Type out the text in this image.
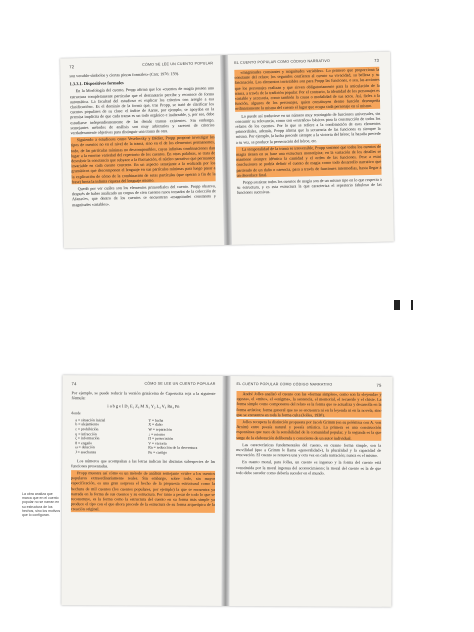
72	CÓMO SE LEE UN CUENTO POPULAR

son vocablo-símbolos y ciertas piezas formales» (Carr, 1976: 159).

1.3.3.1. Dispositivos formales

En la Morfología del cuento, Propp afirma que los «cuentos de magia poseen una estructura completamente particular que el destinatario percibe y reconoce de forma automática. La facultad del estudioso es explicar los criterios con arreglo a esa clasificación». Es el dominio de la forma que, tras Propp, se trató de clarificar los cuentos populares de su clase: el índice de Aarne, por ejemplo, se apoyaba en la premisa implícita de que cada trama es un todo orgánico e inalterable, y, por eso, debe estudiarse independientemente de las demás tramas existentes. Sin embargo, semejantes métodos de análisis son muy arbitrarios y carecen de criterios verdaderamente objetivos para distinguir una trama de otra.

Siguiendo a estudiosos como Veselovsky y Bédier, Propp propone investigar los tipos de cuentos no en el nivel de la trama, sino en el de los elementos permanentes, todo, de las partículas mínimas no descomponibles, cuyas infinitas combinaciones dan lugar a la enorme variedad del repertorio de los cuentos. En otras palabras, se trata de descubrir la constancia que subyace a la fluctuación, el núcleo narrativo que permanece invariable en cada cuento concreto. En un aspecto semejante a la realizada por los gramáticos que descomponen el lenguaje en sus partículas mínimas para luego pasar a la explicación de cómo de la combinación de estas partículas (que operan a fin de la frase) brota la infinita riqueza del lenguaje mismo.

Quedó por ver cuáles son los elementos primordiales del cuento. Propp observa, después de haber analizado un corpus de cien cuentos rusos tomados de la colección de Afanas'ev, que dentro de los cuentos se encuentran «magnitudes constantes y magnitudes variables».

EL CUENTO POPULAR COMO CÓDIGO NARRATIVO	73

«magnitudes constantes y magnitudes variables». Lo primero que proporciona la constante del relato; los segundos confieren al cuento su vivacidad, su belleza y su fascinación. Los elementos invariables son para Propp las funciones, o sea, las acciones que los personajes realizan y que sirven obligatoriamente para la articulación de la trama, a través de la tradición popular. Por el contrario, la identidad de los personajes es variable y accesoria, como también la causa o modalidad de sus actos. Así, fieles a la función, algunos de los personajes, quien constituyen dentro función desempeña ordinariamente la misma del cuento el lugar que ocupa cada personaje en sí mismo.

Lo puede así traducirse en un número muy restringido de funciones universales, sin consumir su relevancia, como son «extraños» básicos para la construcción de todos los relatos de los cuentos. Por lo que se refiere a la combinación de esos elementos primordiales, además, Propp afirma que la secuencia de las funciones es siempre la misma. Por ejemplo, la lucha precede siempre a la victoria del héroe; la hazaña precede a su vez, se produce la persecución del héroe, etc.

La temporalidad de la trama es irreversible, Propp sostiene que todos los cuentos de magia tienen en su base una estructura monotípica; en la variación de los detalles se mantiene siempre idéntica la cantidad y el orden de las funciones. Pese a estas conclusiones se podría definir el cuento de magia como todo desarrollo narrativo que partiendo de un daño o carencia, pasa a través de funciones intermedias, hasta llegar a un desenlace final.

Propp sostiene todos los cuentos de magia son de un mismo tipo en lo que respecta a su estructura, y es esta estructura la que caracteriza el repertorio fabuloso de las funciones sucesivas.

74	CÓMO SE LEE UN CUENTO POPULAR

Por ejemplo, se puede reducir la versión grisáceina de Caperucita roja a la siguiente fórmula:

i a b g e l D₁ E₁ Z₆ M X₁ Y₂ L₄ V₆ Rn₄ Pn
donde
a = situación inicial	Y = lucha
b = alejamiento	X = daño
ε = prohibición	W = reparación
η = infracción	↓ = retorno
ζ = información	Π = persecución
θ = engaño	V = victoria
ω = delación	Rn = reducción de la desventura
J = asechanza	Pu = castigo

Los números que acompañan a las letras indican las distintas subespecies de las funciones presentadas.

Propp muestra así cómo es un método de análisis semejante «vale» a los cuentos populares extraordinariamente reales. Sin embargo, sobre todo, sin mayor especificación, es una gran sorpresa el hecho de la propuesta estructural como la hechura de mil cuentos (los cuentos populares, por ejemplo) la que se encuentra ya narrada en la forma de sus cuentos y su estructura. Por tanto a pesar de todo lo que se reconstruye, es la forma como la estructura del cuento en su forma más simple ya produce el tipo con el que ahora procede de la estructura de su forma arquetípica de la creación original.

EL CUENTO POPULAR COMO CÓDIGO NARRATIVO	75

André Jolles analizó el cuento con las «formas simples», como son la «leyenda» y «gesta», el «mito», el «enigma», la sentencia, el memorial, el recuerdo y el chiste. La forma simple como componente del relato es la forma que se actualiza y desarrolla en la forma artística; forma general que no se encuentra ni en la leyenda ni en la novela, sino que se encuentra en toda la forma culta (Jolles, 1930).

Jolles recupera la distinción propuesta por Jacob Grimm (en su polémica con A. von Arnim) entre poesía natural y poesía artística. La primera es una construcción espontánea que nace de la sensibilidad de la comunidad popular, y la segunda es la que surge de la elaboración deliberada y consciente de un autor individual.

Las características fundamentales del cuento, en cuanto forma simple, son la movilidad (que a Grimm le llama «generalidad»), la pluralidad y la capacidad de renovación. El cuento se renueva una y otra vez en cada narración; nunca es el mismo.

En cuanto moral, para Jolles, un cuento es ingenuo y la forma del cuento está constituida por la moral ingenua del acontecimiento; la moral del cuento es la de que todo debe suceder como debería suceder en el mundo.

La obra analiza que marca que en el cuento popular no se narran en su estructura de los hechos, sino los motivos que lo configuran.
